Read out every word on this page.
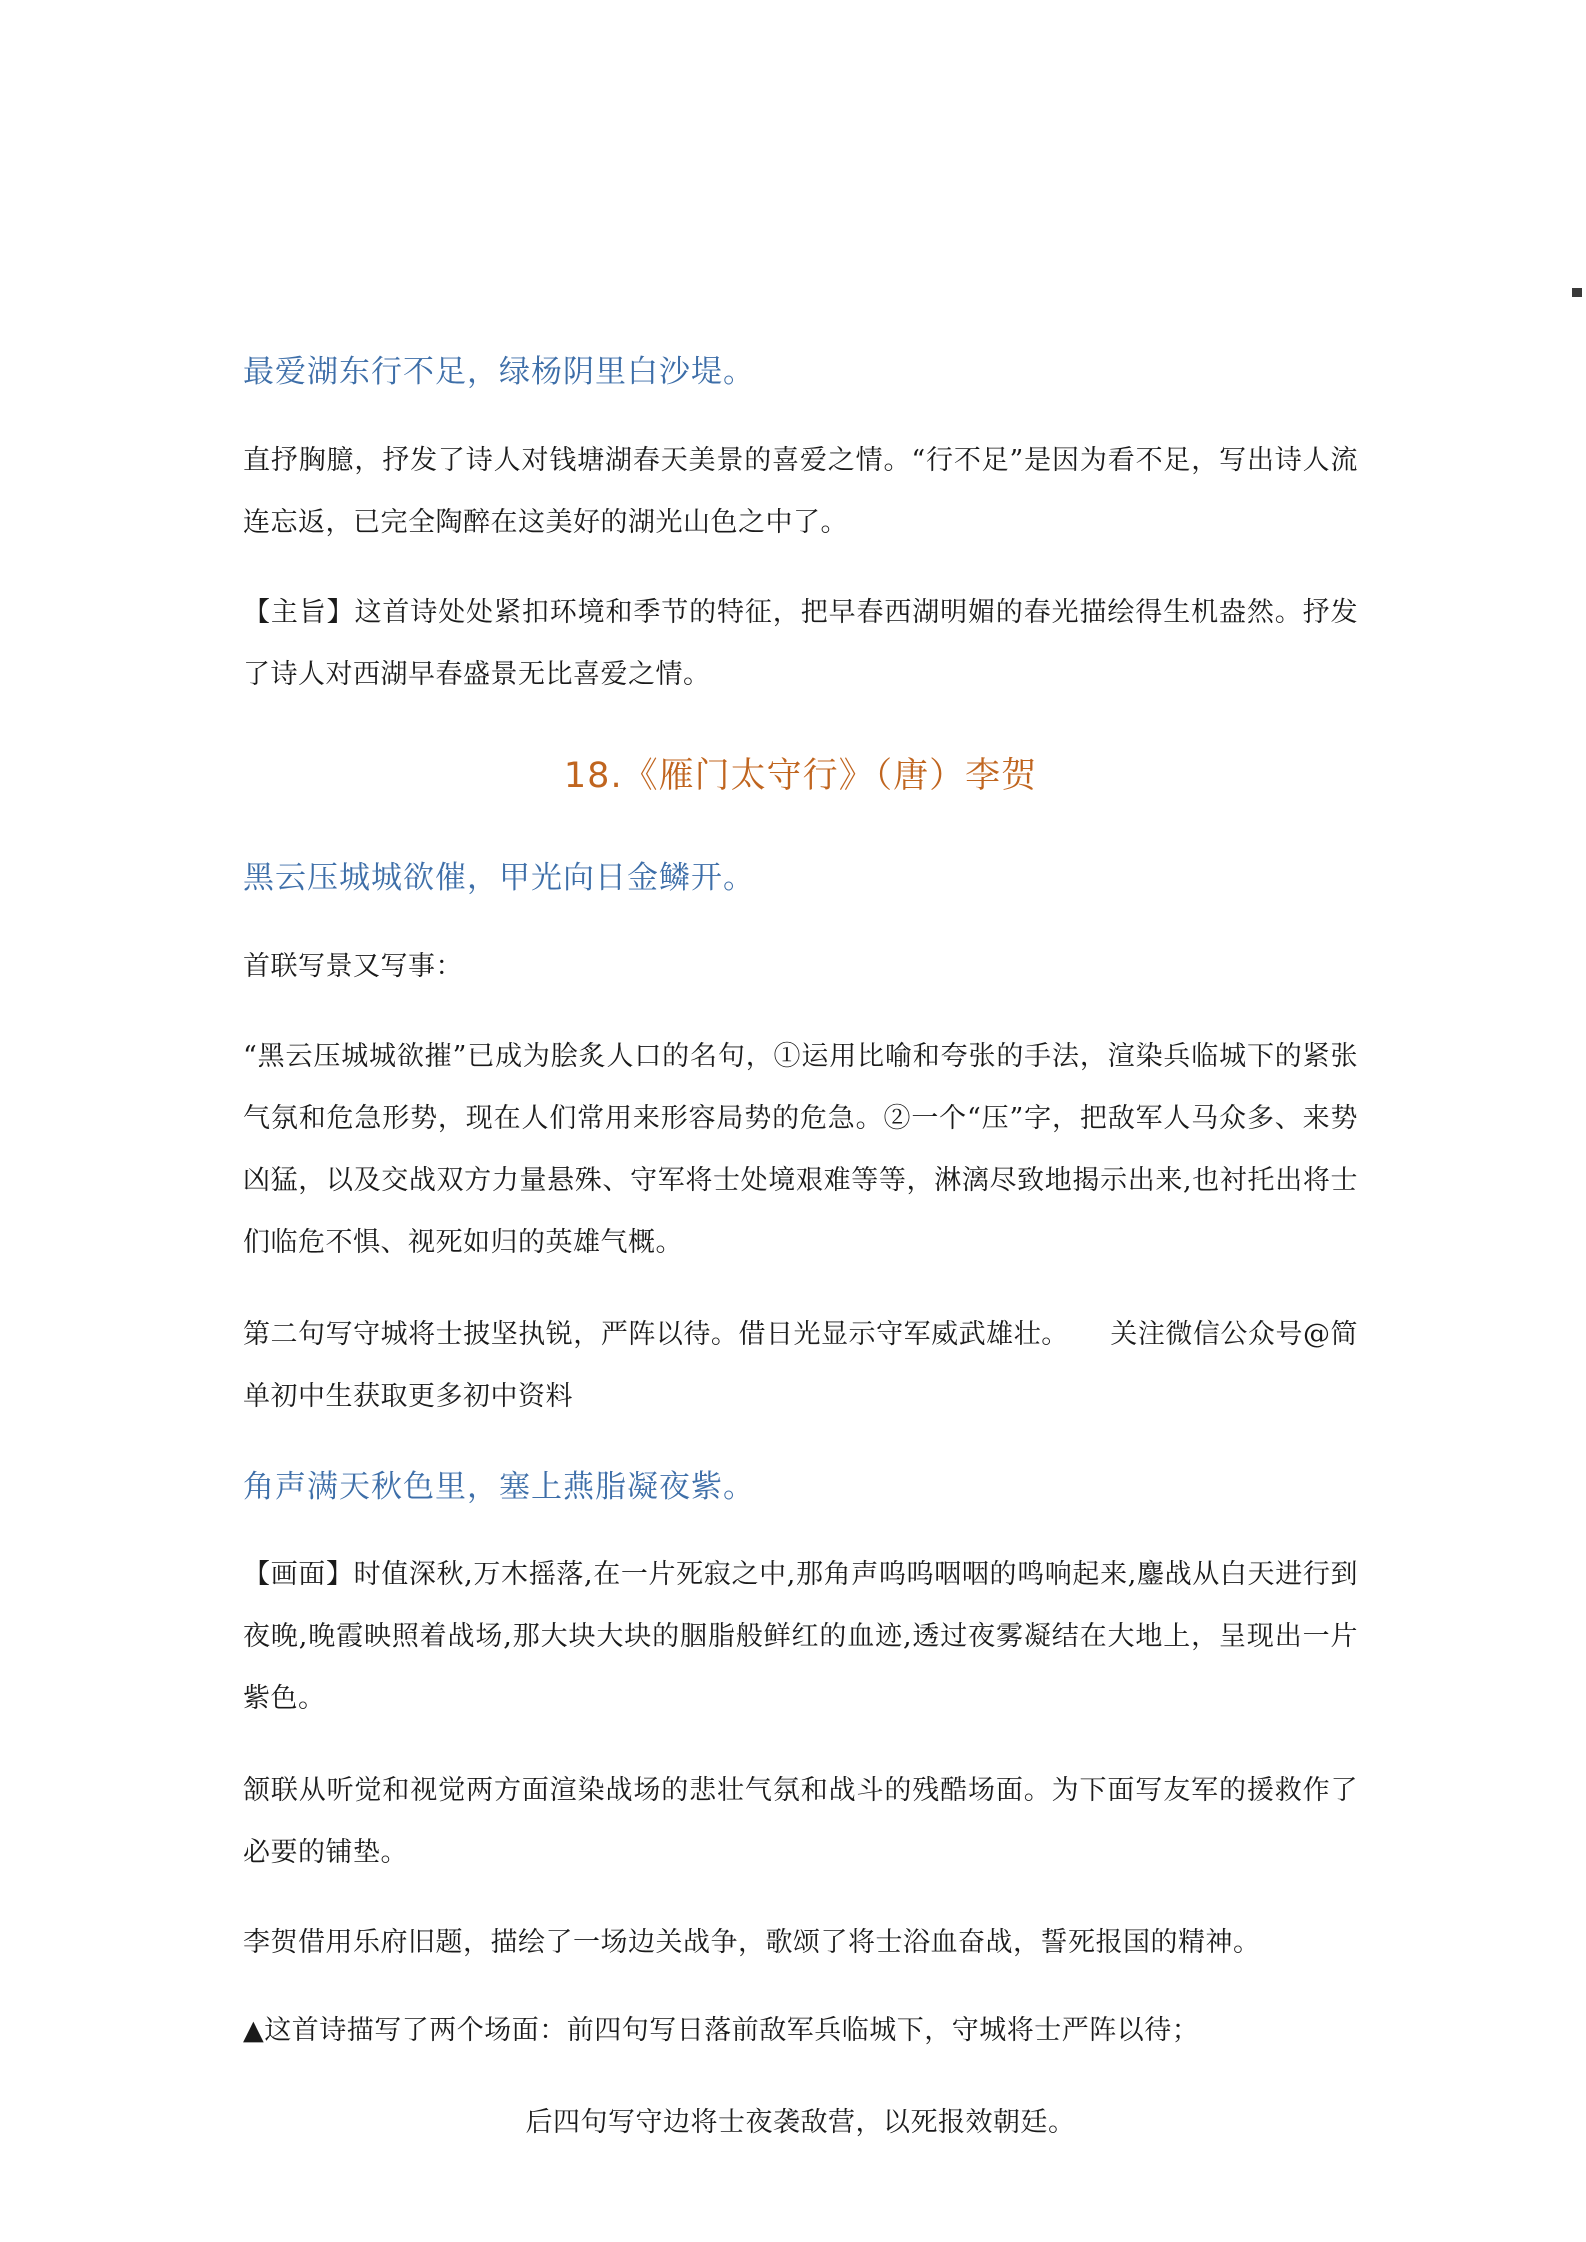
最爱湖东行不足，绿杨阴里白沙堤。
直抒胸臆，抒发了诗人对钱塘湖春天美景的喜爱之情。“行不足”是因为看不足，写出诗人流连忘返，已完全陶醉在这美好的湖光山色之中了。
【主旨】这首诗处处紧扣环境和季节的特征，把早春西湖明媚的春光描绘得生机盎然。抒发了诗人对西湖早春盛景无比喜爱之情。
18.《雁门太守行》（唐）李贺
黑云压城城欲催，甲光向日金鳞开。
首联写景又写事：
“黑云压城城欲摧”已成为脍炙人口的名句，①运用比喻和夸张的手法，渲染兵临城下的紧张气氛和危急形势，现在人们常用来形容局势的危急。②一个“压”字，把敌军人马众多、来势凶猛，以及交战双方力量悬殊、守军将士处境艰难等等，淋漓尽致地揭示出来,也衬托出将士们临危不惧、视死如归的英雄气概。
第二句写守城将士披坚执锐，严阵以待。借日光显示守军威武雄壮。　　关注微信公众号@简单初中生获取更多初中资料
角声满天秋色里，塞上燕脂凝夜紫。
【画面】时值深秋,万木摇落,在一片死寂之中,那角声呜呜咽咽的鸣响起来,鏖战从白天进行到夜晚,晚霞映照着战场,那大块大块的胭脂般鲜红的血迹,透过夜雾凝结在大地上，呈现出一片紫色。
颔联从听觉和视觉两方面渲染战场的悲壮气氛和战斗的残酷场面。为下面写友军的援救作了必要的铺垫。
李贺借用乐府旧题，描绘了一场边关战争，歌颂了将士浴血奋战，誓死报国的精神。
▲这首诗描写了两个场面：前四句写日落前敌军兵临城下，守城将士严阵以待；
后四句写守边将士夜袭敌营，以死报效朝廷。
